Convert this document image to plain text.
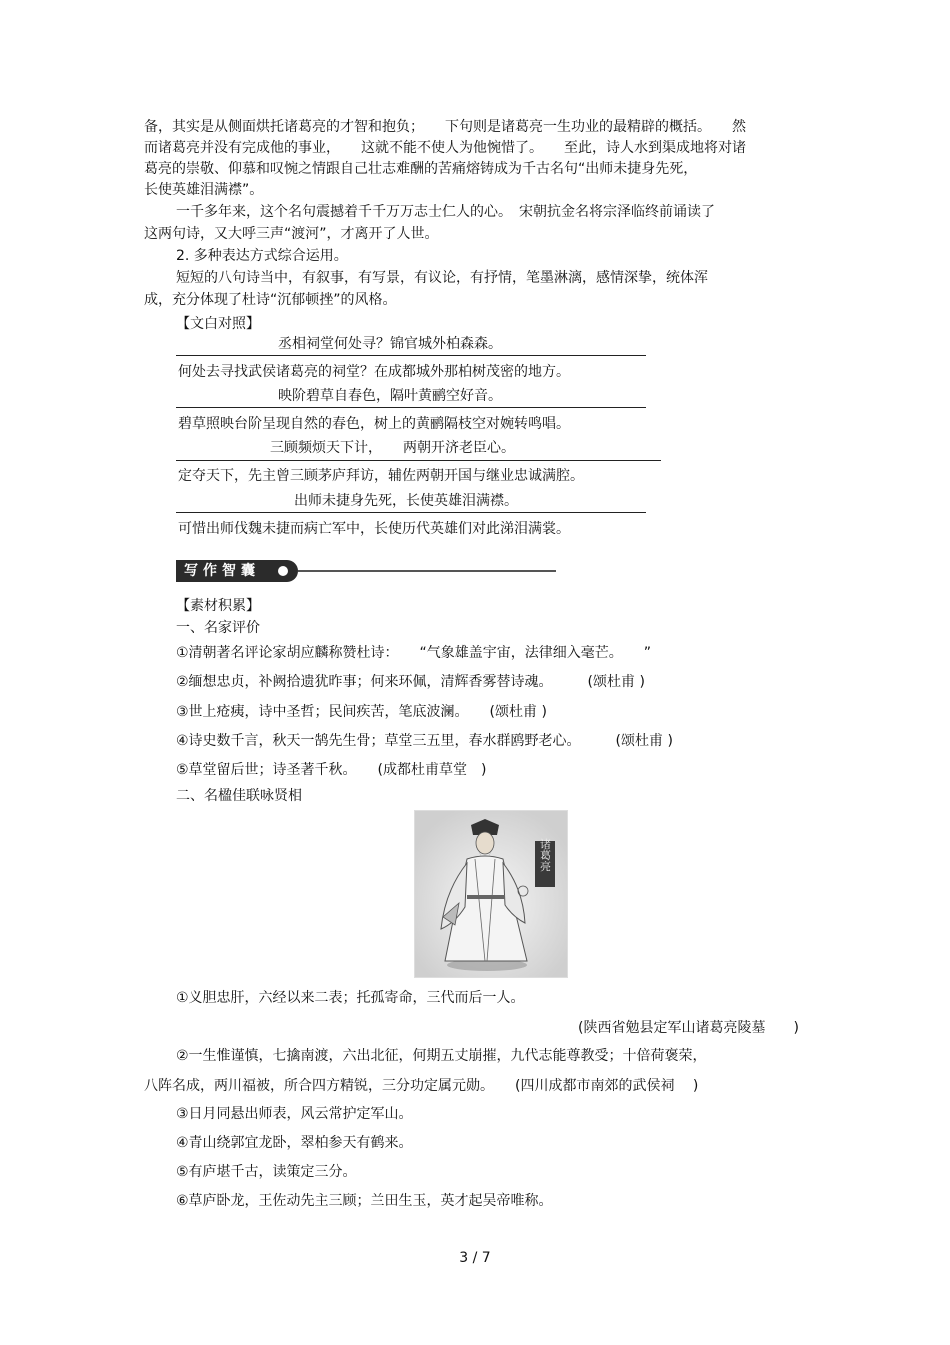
备，其实是从侧面烘托诸葛亮的才智和抱负；　　下句则是诸葛亮一生功业的最精辟的概括。　　然
而诸葛亮并没有完成他的事业，　　这就不能不使人为他惋惜了。　　至此，诗人水到渠成地将对诸
葛亮的崇敬、仰慕和叹惋之情跟自己壮志难酬的苦痛熔铸成为千古名句“出师未捷身先死，
长使英雄泪满襟”。
一千多年来，这个名句震撼着千千万万志士仁人的心。　宋朝抗金名将宗泽临终前诵读了
这两句诗，又大呼三声“渡河”，才离开了人世。
2. 多种表达方式综合运用。
短短的八句诗当中，有叙事，有写景，有议论，有抒情，笔墨淋漓，感情深挚，统体浑
成，充分体现了杜诗“沉郁顿挫”的风格。
【文白对照】
丞相祠堂何处寻？锦官城外柏森森。
何处去寻找武侯诸葛亮的祠堂？在成都城外那柏树茂密的地方。
映阶碧草自春色，隔叶黄鹂空好音。
碧草照映台阶呈现自然的春色，树上的黄鹂隔枝空对婉转鸣唱。
三顾频烦天下计，　　两朝开济老臣心。
定夺天下，先主曾三顾茅庐拜访，辅佐两朝开国与继业忠诚满腔。
出师未捷身先死，长使英雄泪满襟。
可惜出师伐魏未捷而病亡军中，长使历代英雄们对此涕泪满裳。
写作智囊
【素材积累】
一、名家评价
①清朝著名评论家胡应麟称赞杜诗：　　“气象雄盖宇宙，法律细入毫芒。　　”
②缅想忠贞，补阙拾遗犹昨事；何来环佩，清辉香雾替诗魂。　　　(颂杜甫 )
③世上疮痍，诗中圣哲；民间疾苦，笔底波澜。　　(颂杜甫 )
④诗史数千言，秋天一鹄先生骨；草堂三五里，春水群鸥野老心。　　　(颂杜甫 )
⑤草堂留后世；诗圣著千秋。　　(成都杜甫草堂　)
二、名楹佳联咏贤相
诸葛亮
①义胆忠肝，六经以来二表；托孤寄命，三代而后一人。
(陕西省勉县定军山诸葛亮陵墓　　)
②一生惟谨慎，七擒南渡，六出北征，何期五丈崩摧，九代志能尊教受；十倍荷褒荣，
八阵名成，两川福被，所合四方精锐，三分功定属元勋。　　(四川成都市南郊的武侯祠　 )
③日月同悬出师表，风云常护定军山。
④青山绕郭宜龙卧，翠柏参天有鹤来。
⑤有庐堪千古，读策定三分。
⑥草庐卧龙，王佐动先主三顾；兰田生玉，英才起吴帝唯称。
3 / 7
